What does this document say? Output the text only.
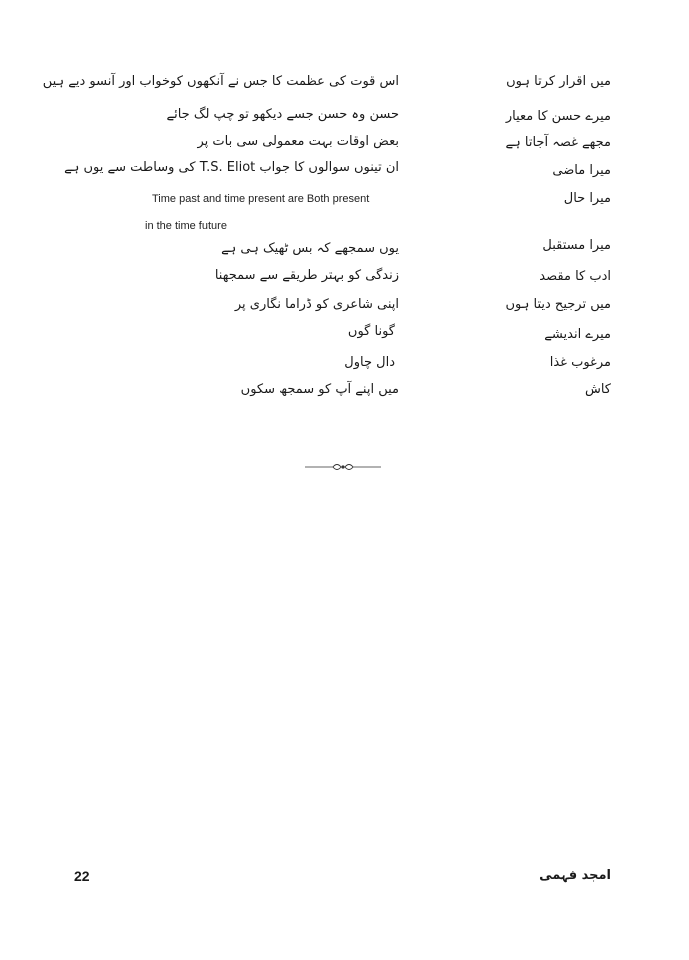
میں اقرار کرتا ہوں
اس قوت کی عظمت کا جس نے آنکھوں کوخواب اور آنسو دیے ہیں
میرے حسن کا معیار
حسن وہ حسن جسے دیکھو تو چپ لگ جائے
مجھے غصہ آجاتا ہے
بعض اوقات بہت معمولی سی بات پر
میرا ماضی
ان تینوں سوالوں کا جواب T.S. Eliot کی وساطت سے یوں ہے
میرا حال
Time past and time present are Both present
in the time future
میرا مستقبل
یوں سمجھے کہ بس ٹھیک ہی ہے
ادب کا مقصد
زندگی کو بہتر طریقے سے سمجھنا
میں ترجیح دیتا ہوں
اپنی شاعری کو ڈراما نگاری پر
میرے اندیشے
گونا گوں
مرغوب غذا
دال چاول
کاش
میں اپنے آپ کو سمجھ سکوں
22	امجد فہمی
